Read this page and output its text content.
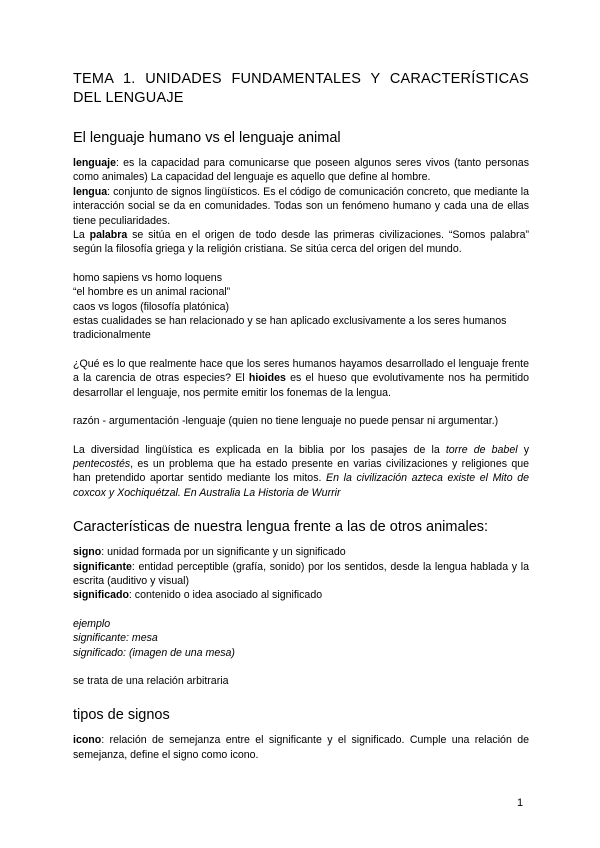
TEMA 1. UNIDADES FUNDAMENTALES Y CARACTERÍSTICAS DEL LENGUAJE
El lenguaje humano vs el lenguaje animal

lenguaje: es la capacidad para comunicarse que poseen algunos seres vivos (tanto personas como animales) La capacidad del lenguaje es aquello que define al hombre.

lengua: conjunto de signos lingüísticos. Es el código de comunicación concreto, que mediante la interacción social se da en comunidades. Todas son un fenómeno humano y cada una de ellas tiene peculiaridades.

La palabra se sitúa en el origen de todo desde las primeras civilizaciones. “Somos palabra” según la filosofía griega y la religión cristiana. Se sitúa cerca del origen del mundo.

homo sapiens vs homo loquens

“el hombre es un animal racional”

caos vs logos (filosofía platónica)

estas cualidades se han relacionado y se han aplicado exclusivamente a los seres humanos tradicionalmente

¿Qué es lo que realmente hace que los seres humanos hayamos desarrollado el lenguaje frente a la carencia de otras especies? El hioides es el hueso que evolutivamente nos ha permitido desarrollar el lenguaje, nos permite emitir los fonemas de la lengua.

razón - argumentación -lenguaje (quien no tiene lenguaje no puede pensar ni argumentar.)

La diversidad lingüística es explicada en la biblia por los pasajes de la torre de babel y pentecostés, es un problema que ha estado presente en varias civilizaciones y religiones que han pretendido aportar sentido mediante los mitos. En la civilización azteca existe el Mito de coxcox y Xochiquétzal. En Australia La Historia de Wurrir

Características de nuestra lengua frente a las de otros animales:

signo: unidad formada por un significante y un significado

significante: entidad perceptible (grafía, sonido) por los sentidos, desde la lengua hablada y la escrita (auditivo y visual)

significado: contenido o idea asociado al significado

ejemplo

significante: mesa

significado: (imagen de una mesa)

se trata de una relación arbitraria

tipos de signos

icono: relación de semejanza entre el significante y el significado. Cumple una relación de semejanza, define el signo como icono.

1
